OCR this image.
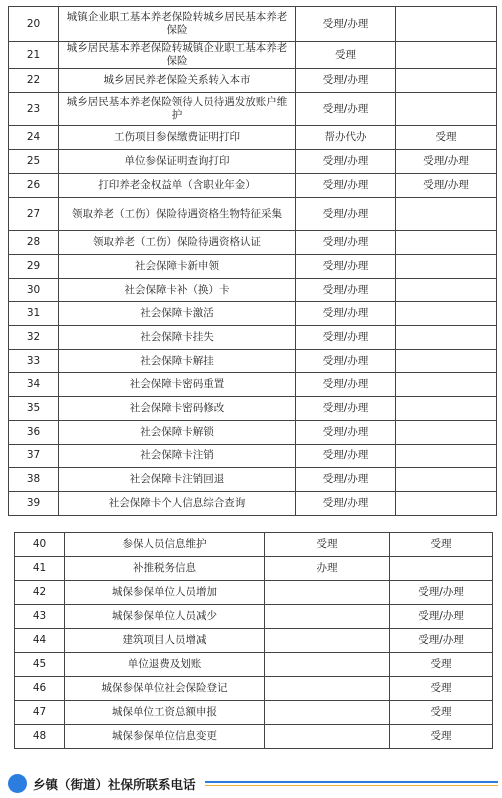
20	城镇企业职工基本养老保险转城乡居民基本养老保险	受理/办理	
21	城乡居民基本养老保险转城镇企业职工基本养老保险	受理	
22	城乡居民养老保险关系转入本市	受理/办理	
23	城乡居民基本养老保险领待人员待遇发放账户维护	受理/办理	
24	工伤项目参保缴费证明打印	帮办代办	受理
25	单位参保证明查询打印	受理/办理	受理/办理
26	打印养老金权益单（含职业年金）	受理/办理	受理/办理
27	领取养老（工伤）保险待遇资格生物特征采集	受理/办理	
28	领取养老（工伤）保险待遇资格认证	受理/办理	
29	社会保障卡新申领	受理/办理	
30	社会保障卡补（换）卡	受理/办理	
31	社会保障卡激活	受理/办理	
32	社会保障卡挂失	受理/办理	
33	社会保障卡解挂	受理/办理	
34	社会保障卡密码重置	受理/办理	
35	社会保障卡密码修改	受理/办理	
36	社会保障卡解锁	受理/办理	
37	社会保障卡注销	受理/办理	
38	社会保障卡注销回退	受理/办理	
39	社会保障卡个人信息综合查询	受理/办理	
40	参保人员信息维护	受理	受理
41	补推税务信息	办理	
42	城保参保单位人员增加		受理/办理
43	城保参保单位人员减少		受理/办理
44	建筑项目人员增减		受理/办理
45	单位退费及划账		受理
46	城保参保单位社会保险登记		受理
47	城保单位工资总额申报		受理
48	城保参保单位信息变更		受理
乡镇（街道）社保所联系电话
